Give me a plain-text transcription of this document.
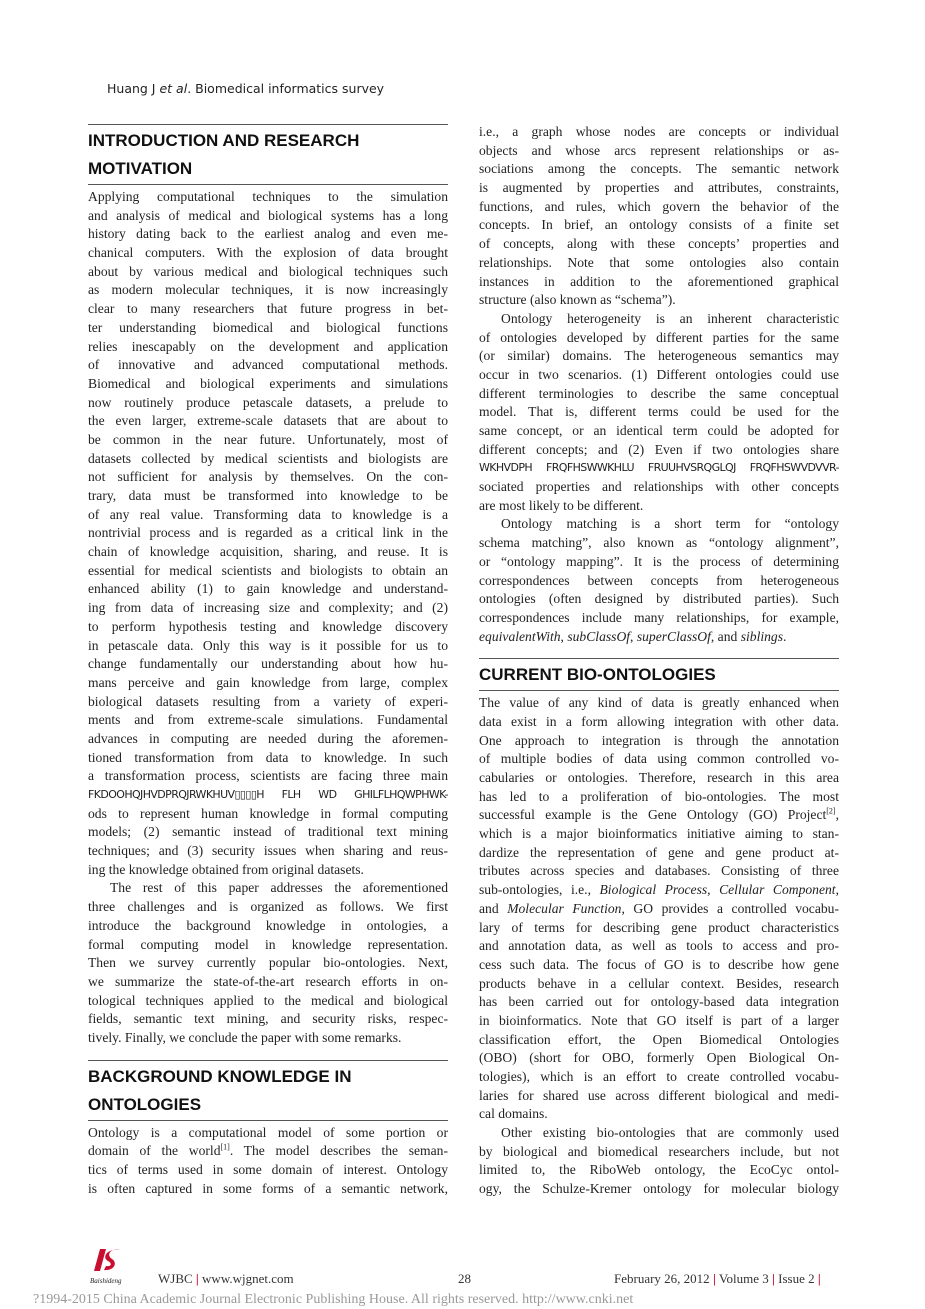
Huang J et al. Biomedical informatics survey
INTRODUCTION AND RESEARCH
MOTIVATION
Applying computational techniques to the simulation
and analysis of medical and biological systems has a long
history dating back to the earliest analog and even me-
chanical computers. With the explosion of data brought
about by various medical and biological techniques such
as modern molecular techniques, it is now increasingly
clear to many researchers that future progress in bet-
ter understanding biomedical and biological functions
relies inescapably on the development and application
of innovative and advanced computational methods.
Biomedical and biological experiments and simulations
now routinely produce petascale datasets, a prelude to
the even larger, extreme-scale datasets that are about to
be common in the near future. Unfortunately, most of
datasets collected by medical scientists and biologists are
not sufficient for analysis by themselves. On the con-
trary, data must be transformed into knowledge to be
of any real value. Transforming data to knowledge is a
nontrivial process and is regarded as a critical link in the
chain of knowledge acquisition, sharing, and reuse. It is
essential for medical scientists and biologists to obtain an
enhanced ability (1) to gain knowledge and understand-
ing from data of increasing size and complexity; and (2)
to perform hypothesis testing and knowledge discovery
in petascale data. Only this way is it possible for us to
change fundamentally our understanding about how hu-
mans perceive and gain knowledge from large, complex
biological datasets resulting from a variety of experi-
ments and from extreme-scale simulations. Fundamental
advances in computing are needed during the aforemen-
tioned transformation from data to knowledge. In such
a transformation process, scientists are facing three main
FKDOOHQJHVDPRQJRWKHUV▯▯▯▯H FLH WD GHILFLHQWPHWK-
ods to represent human knowledge in formal computing
models; (2) semantic instead of traditional text mining
techniques; and (3) security issues when sharing and reus-
ing the knowledge obtained from original datasets.
The rest of this paper addresses the aforementioned
three challenges and is organized as follows. We first
introduce the background knowledge in ontologies, a
formal computing model in knowledge representation.
Then we survey currently popular bio-ontologies. Next,
we summarize the state-of-the-art research efforts in on-
tological techniques applied to the medical and biological
fields, semantic text mining, and security risks, respec-
tively. Finally, we conclude the paper with some remarks.
BACKGROUND KNOWLEDGE IN
ONTOLOGIES
Ontology is a computational model of some portion or
domain of the world[1]. The model describes the seman-
tics of terms used in some domain of interest. Ontology
is often captured in some forms of a semantic network,
i.e., a graph whose nodes are concepts or individual
objects and whose arcs represent relationships or as-
sociations among the concepts. The semantic network
is augmented by properties and attributes, constraints,
functions, and rules, which govern the behavior of the
concepts. In brief, an ontology consists of a finite set
of concepts, along with these concepts’ properties and
relationships. Note that some ontologies also contain
instances in addition to the aforementioned graphical
structure (also known as “schema”).
Ontology heterogeneity is an inherent characteristic
of ontologies developed by different parties for the same
(or similar) domains. The heterogeneous semantics may
occur in two scenarios. (1) Different ontologies could use
different terminologies to describe the same conceptual
model. That is, different terms could be used for the
same concept, or an identical term could be adopted for
different concepts; and (2) Even if two ontologies share
WKHVDPH FRQFHSWWKHLU FRUUHVSRQGLQJ FRQFHSWVDVVR-
sociated properties and relationships with other concepts
are most likely to be different.
Ontology matching is a short term for “ontology
schema matching”, also known as “ontology alignment”,
or “ontology mapping”. It is the process of determining
correspondences between concepts from heterogeneous
ontologies (often designed by distributed parties). Such
correspondences include many relationships, for example,
equivalentWith, subClassOf, superClassOf, and siblings.
CURRENT BIO-ONTOLOGIES
The value of any kind of data is greatly enhanced when
data exist in a form allowing integration with other data.
One approach to integration is through the annotation
of multiple bodies of data using common controlled vo-
cabularies or ontologies. Therefore, research in this area
has led to a proliferation of bio-ontologies. The most
successful example is the Gene Ontology (GO) Project[2],
which is a major bioinformatics initiative aiming to stan-
dardize the representation of gene and gene product at-
tributes across species and databases. Consisting of three
sub-ontologies, i.e., Biological Process, Cellular Component,
and Molecular Function, GO provides a controlled vocabu-
lary of terms for describing gene product characteristics
and annotation data, as well as tools to access and pro-
cess such data. The focus of GO is to describe how gene
products behave in a cellular context. Besides, research
has been carried out for ontology-based data integration
in bioinformatics. Note that GO itself is part of a larger
classification effort, the Open Biomedical Ontologies
(OBO) (short for OBO, formerly Open Biological On-
tologies), which is an effort to create controlled vocabu-
laries for shared use across different biological and medi-
cal domains.
Other existing bio-ontologies that are commonly used
by biological and biomedical researchers include, but not
limited to, the RiboWeb ontology, the EcoCyc ontol-
ogy, the Schulze-Kremer ontology for molecular biology
Baishideng	WJBC | www.wjgnet.com	28	February 26, 2012 | Volume 3 | Issue 2 |
?1994-2015 China Academic Journal Electronic Publishing House. All rights reserved. http://www.cnki.net
